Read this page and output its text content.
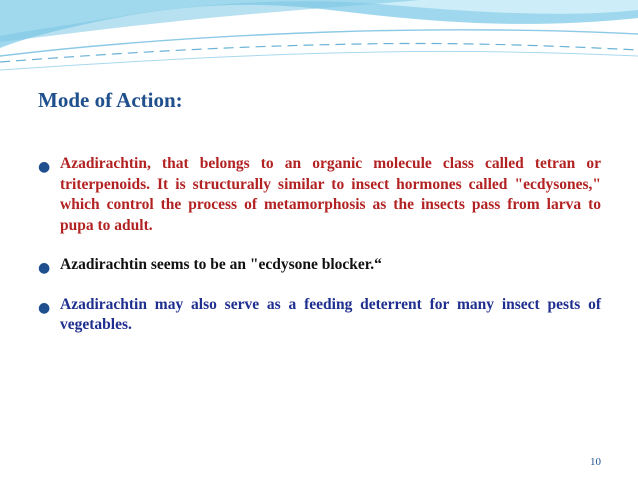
Mode of Action:
● Azadirachtin, that belongs to an organic molecule class called tetran or triterpenoids. It is structurally similar to insect hormones called "ecdysones," which control the process of metamorphosis as the insects pass from larva to pupa to adult.
● Azadirachtin seems to be an "ecdysone blocker.“
● Azadirachtin may also serve as a feeding deterrent for many insect pests of vegetables.
10
